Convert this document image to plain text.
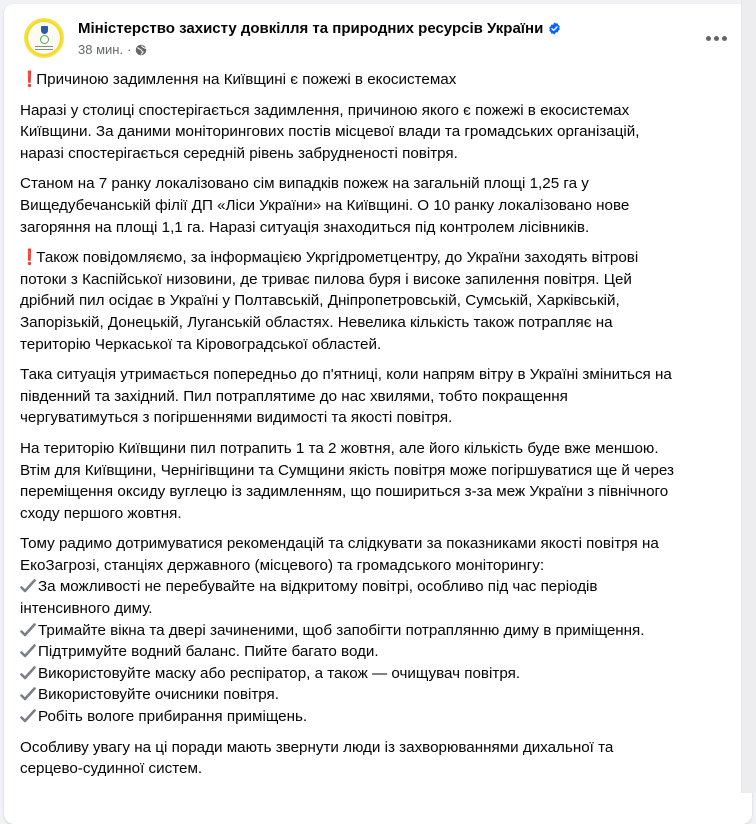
Міністерство захисту довкілля та природних ресурсів України
38 мин. ·

❗ Причиною задимлення на Київщині є пожежі в екосистемах

Наразі у столиці спостерігається задимлення, причиною якого є пожежі в екосистемах
Київщини. За даними моніторингових постів місцевої влади та громадських організацій,
наразі спостерігається середній рівень забрудненості повітря.

Станом на 7 ранку локалізовано сім випадків пожеж на загальній площі 1,25 га у
Вищедубечанській філії ДП «Ліси України» на Київщині. О 10 ранку локалізовано нове
загоряння на площі 1,1 га. Наразі ситуація знаходиться під контролем лісівників.

❗ Також повідомляємо, за інформацією Укргідрометцентру, до України заходять вітрові
потоки з Каспійської низовини, де триває пилова буря і високе запилення повітря. Цей
дрібний пил осідає в Україні у Полтавській, Дніпропетровській, Сумській, Харківській,
Запорізькій, Донецькій, Луганській областях. Невелика кількість також потрапляє на
територію Черкаської та Кіровоградської областей.

Така ситуація утримається попередньо до п'ятниці, коли напрям вітру в Україні зміниться на
південний та західний. Пил потраплятиме до нас хвилями, тобто покращення
чергуватимуться з погіршеннями видимості та якості повітря.

На територію Київщини пил потрапить 1 та 2 жовтня, але його кількість буде вже меншою.
Втім для Київщини, Чернігівщини та Сумщини якість повітря може погіршуватися ще й через
переміщення оксиду вуглецю із задимленням, що пошириться з-за меж України з північного
сходу першого жовтня.

Тому радимо дотримуватися рекомендацій та слідкувати за показниками якості повітря на
ЕкоЗагрозі, станціях державного (місцевого) та громадського моніторингу:
За можливості не перебувайте на відкритому повітрі, особливо під час періодів
інтенсивного диму.
Тримайте вікна та двері зачиненими, щоб запобігти потраплянню диму в приміщення.
Підтримуйте водний баланс. Пийте багато води.
Використовуйте маску або респіратор, а також — очищувач повітря.
Використовуйте очисники повітря.
Робіть вологе прибирання приміщень.

Особливу увагу на ці поради мають звернути люди із захворюваннями дихальної та
серцево-судинної систем.
